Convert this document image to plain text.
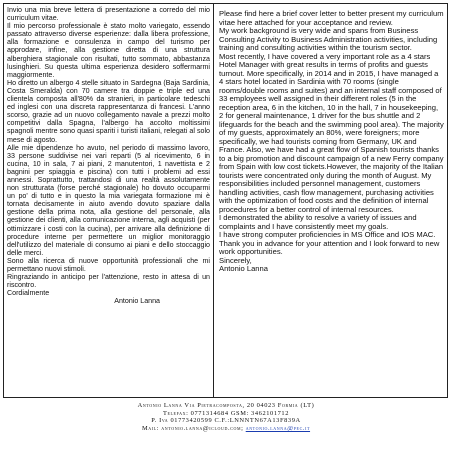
Invio una mia breve lettera di presentazione a corredo del mio curriculum vitae.
Il mio percorso professionale è stato molto variegato, essendo passato attraverso diverse esperienze: dalla libera professione, alla formazione e consulenza in campo del turismo per approdare, infine, alla gestione diretta di una struttura alberghiera stagionale con risultati, tutto sommato, abbastanza lusinghieri. Su questa ultima esperienza desidero soffermarmi maggiormente.
Ho diretto un albergo 4 stelle situato in Sardegna (Baja Sardinia, Costa Smeralda) con 70 camere tra doppie e triple ed una clientela composta all'80% da stranieri, in particolare tedeschi ed inglesi con una discreta rappresentanza di francesi. L'anno scorso, grazie ad un nuovo collegamento navale a prezzi molto competitivi dalla Spagna, l'albergo ha accolto moltissimi spagnoli mentre sono quasi spariti i turisti italiani, relegati al solo mese di agosto.
Alle mie dipendenze ho avuto, nel periodo di massimo lavoro, 33 persone suddivise nei vari reparti (5 al ricevimento, 6 in cucina, 10 in sala, 7 ai piani, 2 manutentori, 1 navettista e 2 bagnini per spiaggia e piscina) con tutti i problemi ad essi annessi. Soprattutto, trattandosi di una realtà assolutamente non strutturata (forse perché stagionale) ho dovuto occuparmi un po' di tutto e in questo la mia variegata formazione mi è tornata decisamente in aiuto avendo dovuto spaziare dalla gestione della prima nota, alla gestione del personale, alla gestione dei clienti, alla comunicazione interna, agli acquisti (per ottimizzare i costi con la cucina), per arrivare alla definizione di procedure interne per permettere un miglior monitoraggio dell'utilizzo del materiale di consumo ai piani e dello stoccaggio delle merci.
Sono alla ricerca di nuove opportunità professionali che mi permettano nuovi stimoli.
Ringraziando in anticipo per l'attenzione, resto in attesa di un riscontro.
Cordialmente

Antonio Lanna

Please find here a brief cover letter to better present my curriculum vitae here attached for your acceptance and review.
My work background is very wide and spans from Business Consulting Activity to Business Administration activities, including training and consulting activities within the tourism sector.
Most recently, I have covered a very important role as a 4 stars Hotel Manager with great results in terms of profits and guests turnout. More specifically, in 2014 and in 2015, I have managed a 4 stars hotel located in Sardinia with 70 rooms (single rooms/double rooms and suites) and an internal staff composed of 33 employees well assigned in their different roles (5 in the reception area, 6 in the kitchen, 10 in the hall, 7 in housekeeping, 2 for general maintenance, 1 driver for the bus shuttle and 2 lifeguards for the beach and the swimming pool area). The majority of my guests, approximately an 80%, were foreigners; more specifically, we had tourists coming from Germany, UK and France. Also, we have had a great flow of Spanish tourists thanks to a big promotion and discount campaign of a new Ferry company from Spain with low cost tickets.However, the majority of the Italian tourists were concentrated only during the month of August. My responsibilities included personnel management, customers handling activities, cash flow management, purchasing activities with the optimization of food costs and the definition of internal procedures for a better control of internal resources.
I demonstrated the ability to resolve a variety of issues and complaints and I have consistently meet my goals.
I have strong computer proficiencies in MS Office and IOS MAC.
Thank you in advance for your attention and I look forward to new work opportunities.
Sincerely,

Antonio Lanna

Antonio Lanna Via Pietracomposta, 20 04023 Formia (LT)
Telefax: 0771314684 GSM: 3462101712
P. Iva 01773420599 C.F.:LNNNTN67A13F839A
Mail: antonio.lanna@icloud.com; antonio.lanna@pec.it
